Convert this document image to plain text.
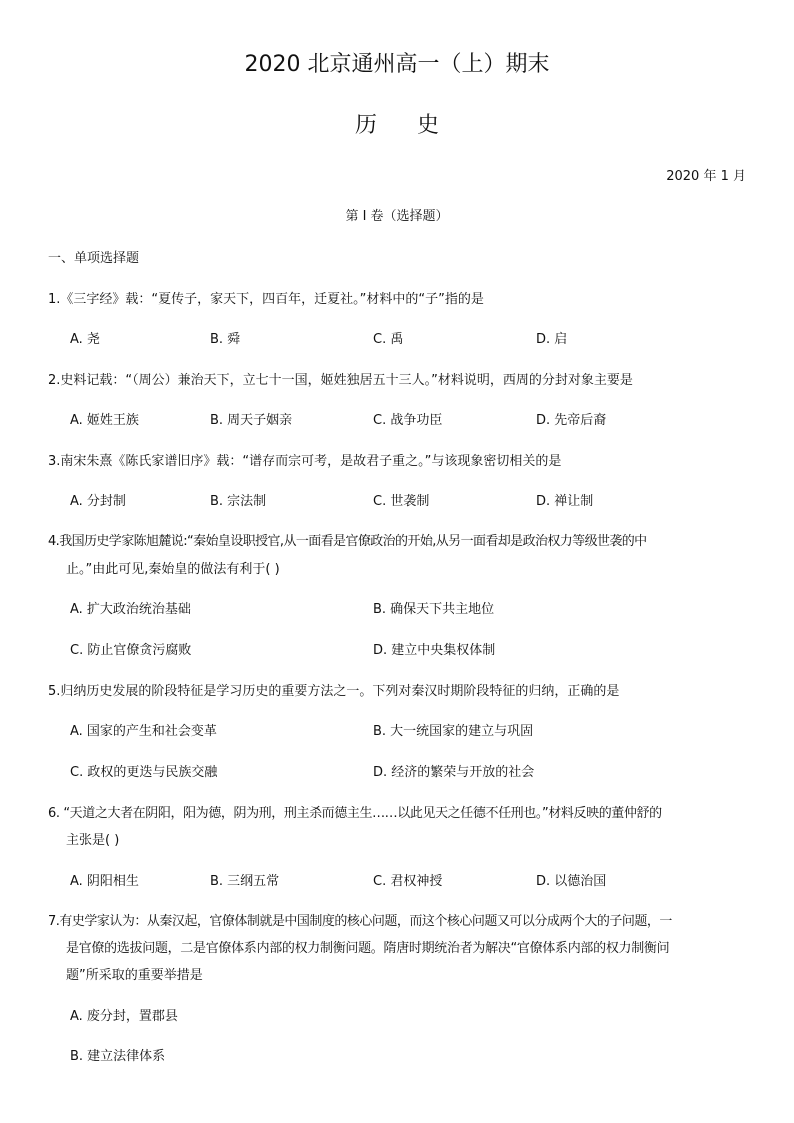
2020 北京通州高一（上）期末
历 史
2020 年 1 月
第 I 卷（选择题）
一、单项选择题
1.《三字经》载：“夏传子，家天下，四百年，迁夏社。”材料中的“子”指的是
A. 尧	B. 舜	C. 禹	D. 启
2.史料记载：“（周公）兼治天下，立七十一国，姬姓独居五十三人。”材料说明，西周的分封对象主要是
A. 姬姓王族	B. 周天子姻亲	C. 战争功臣	D. 先帝后裔
3.南宋朱熹《陈氏家谱旧序》载：“谱存而宗可考，是故君子重之。”与该现象密切相关的是
A. 分封制	B. 宗法制	C. 世袭制	D. 禅让制
4.我国历史学家陈旭麓说:“秦始皇设职授官,从一面看是官僚政治的开始,从另一面看却是政治权力等级世袭的中
止。”由此可见,秦始皇的做法有利于( )
A. 扩大政治统治基础	B. 确保天下共主地位
C. 防止官僚贪污腐败	D. 建立中央集权体制
5.归纳历史发展的阶段特征是学习历史的重要方法之一。下列对秦汉时期阶段特征的归纳，正确的是
A. 国家的产生和社会变革	B. 大一统国家的建立与巩固
C. 政权的更迭与民族交融	D. 经济的繁荣与开放的社会
6. “天道之大者在阴阳，阳为德，阴为刑，刑主杀而德主生……以此见天之任德不任刑也。”材料反映的董仲舒的
主张是( )
A. 阴阳相生	B. 三纲五常	C. 君权神授	D. 以德治国
7.有史学家认为：从秦汉起，官僚体制就是中国制度的核心问题，而这个核心问题又可以分成两个大的子问题，一
是官僚的选拔问题，二是官僚体系内部的权力制衡问题。隋唐时期统治者为解决“官僚体系内部的权力制衡问
题”所采取的重要举措是
A. 废分封，置郡县
B. 建立法律体系
